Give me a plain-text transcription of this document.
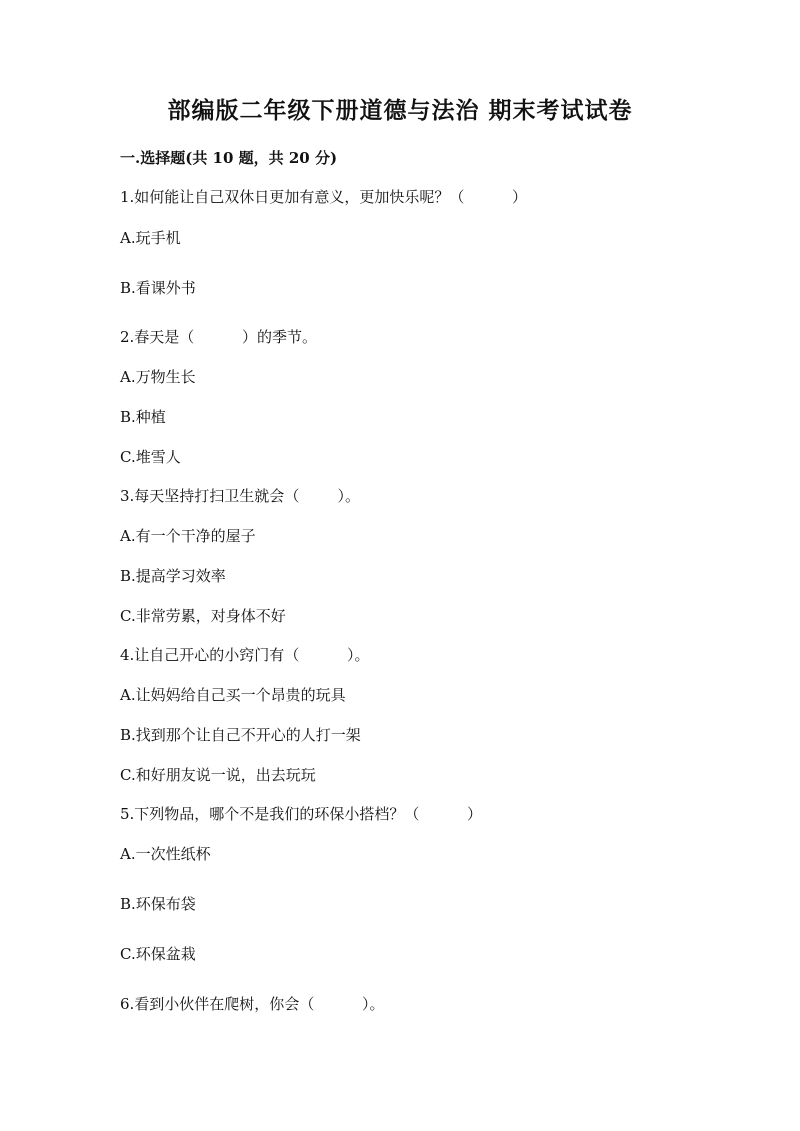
部编版二年级下册道德与法治 期末考试试卷
一.选择题(共 10 题，共 20 分)
1.如何能让自己双休日更加有意义，更加快乐呢？（          ）
A.玩手机
B.看课外书
2.春天是（          ）的季节。
A.万物生长
B.种植
C.堆雪人
3.每天坚持打扫卫生就会（        ）。
A.有一个干净的屋子
B.提高学习效率
C.非常劳累，对身体不好
4.让自己开心的小窍门有（          ）。
A.让妈妈给自己买一个昂贵的玩具
B.找到那个让自己不开心的人打一架
C.和好朋友说一说，出去玩玩
5.下列物品，哪个不是我们的环保小搭档？（          ）
A.一次性纸杯
B.环保布袋
C.环保盆栽
6.看到小伙伴在爬树，你会（          ）。
